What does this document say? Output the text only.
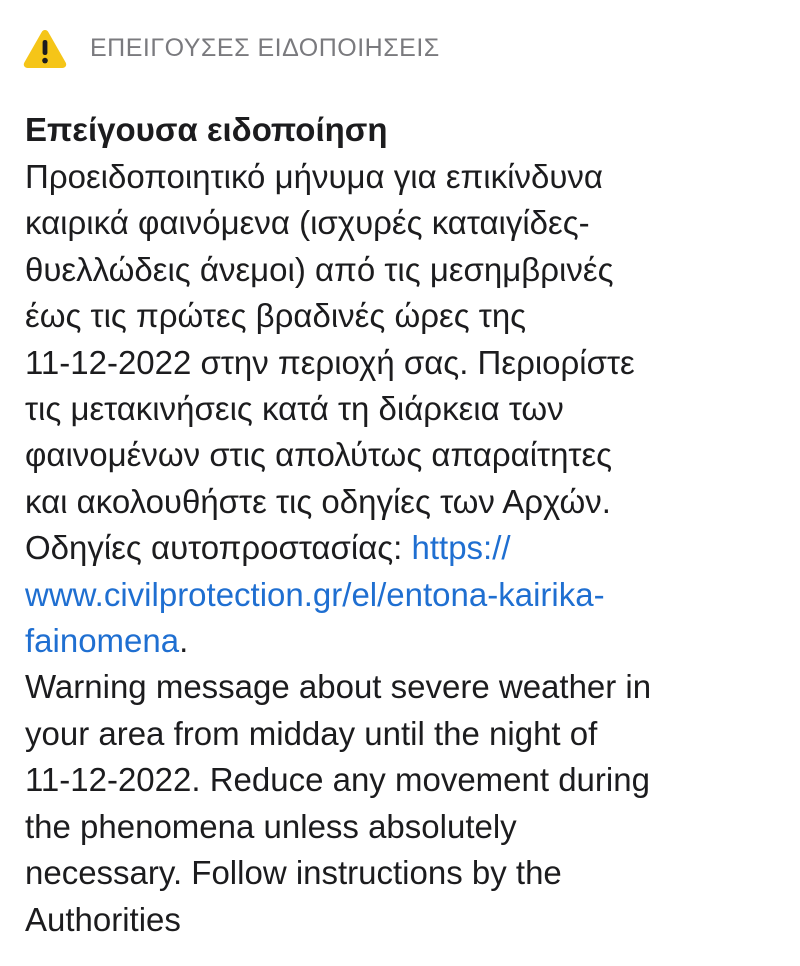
ΕΠΕΙΓΟΥΣΕΣ ΕΙΔΟΠΟΙΗΣΕΙΣ

Επείγουσα ειδοποίηση

Προειδοποιητικό μήνυμα για επικίνδυνα
καιρικά φαινόμενα (ισχυρές καταιγίδες-
θυελλώδεις άνεμοι) από τις μεσημβρινές
έως τις πρώτες βραδινές ώρες της
11-12-2022 στην περιοχή σας. Περιορίστε
τις μετακινήσεις κατά τη διάρκεια των
φαινομένων στις απολύτως απαραίτητες
και ακολουθήστε τις οδηγίες των Αρχών.
Οδηγίες αυτοπροστασίας: https://
www.civilprotection.gr/el/entona-kairika-
fainomena.
Warning message about severe weather in
your area from midday until the night of
11-12-2022. Reduce any movement during
the phenomena unless absolutely
necessary. Follow instructions by the
Authorities
